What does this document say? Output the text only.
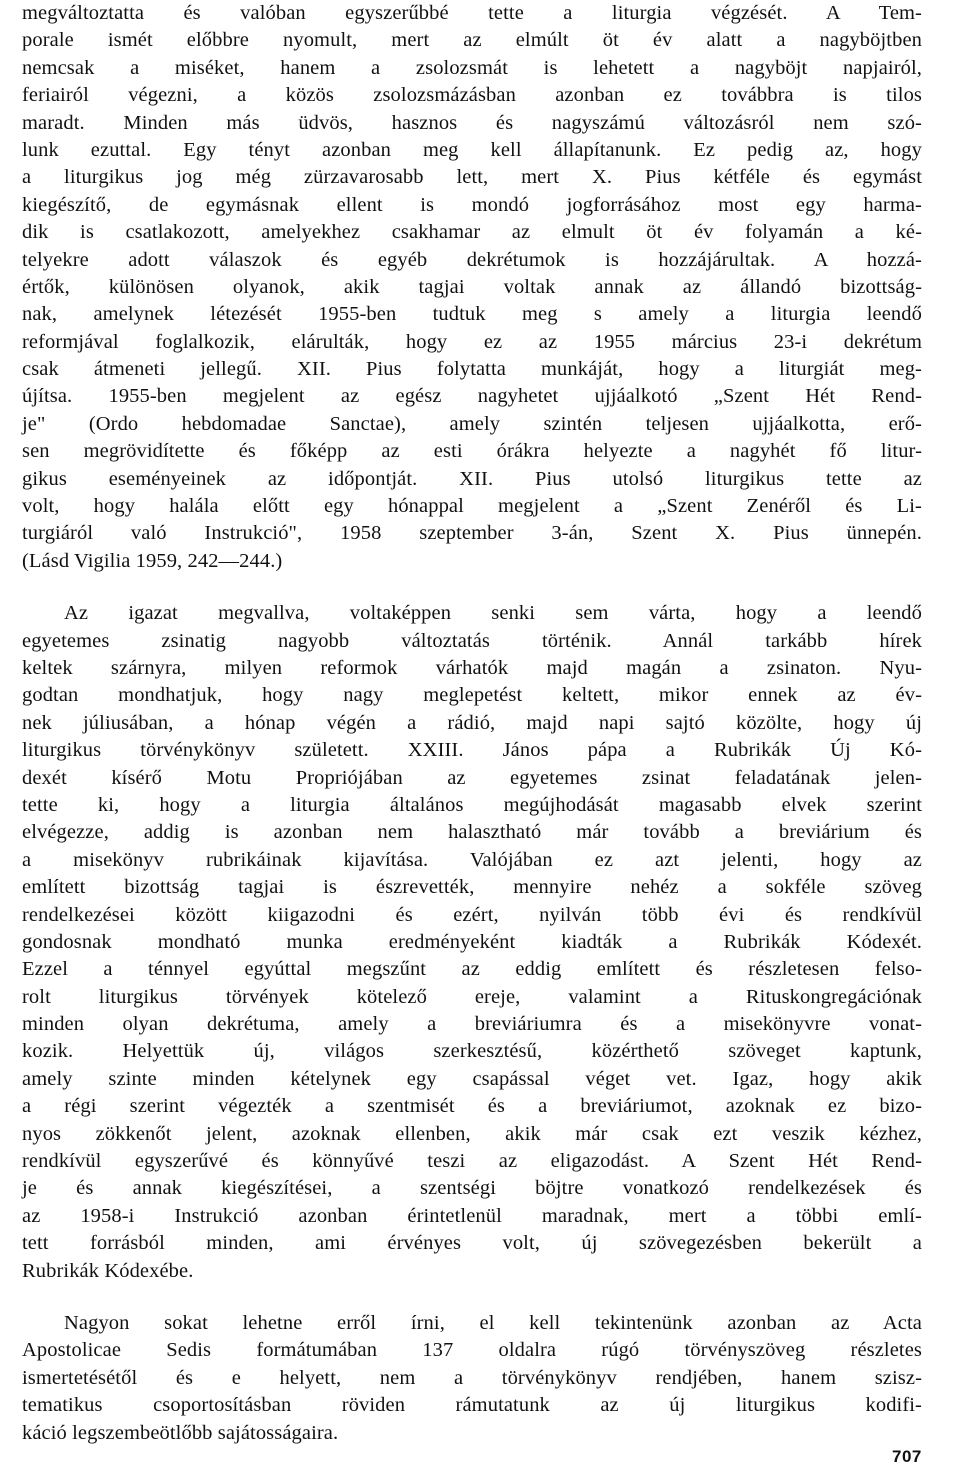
megváltoztatta és valóban egyszerűbbé tette a liturgia végzését. A Tem-
porale ismét előbbre nyomult, mert az elmúlt öt év alatt a nagyböjtben
nemcsak a miséket, hanem a zsolozsmát is lehetett a nagyböjt napjairól,
feriairól végezni, a közös zsolozsmázásban azonban ez továbbra is tilos
maradt. Minden más üdvös, hasznos és nagyszámú változásról nem szó-
lunk ezuttal. Egy tényt azonban meg kell állapítanunk. Ez pedig az, hogy
a liturgikus jog még zürzavarosabb lett, mert X. Pius kétféle és egymást
kiegészítő, de egymásnak ellent is mondó jogforrásához most egy harma-
dik is csatlakozott, amelyekhez csakhamar az elmult öt év folyamán a ké-
telyekre adott válaszok és egyéb dekrétumok is hozzájárultak. A hozzá-
értők, különösen olyanok, akik tagjai voltak annak az állandó bizottság-
nak, amelynek létezését 1955-ben tudtuk meg s amely a liturgia leendő
reformjával foglalkozik, elárulták, hogy ez az 1955 március 23-i dekrétum
csak átmeneti jellegű. XII. Pius folytatta munkáját, hogy a liturgiát meg-
újítsa. 1955-ben megjelent az egész nagyhetet ujjáalkotó „Szent Hét Rend-
je" (Ordo hebdomadae Sanctae), amely szintén teljesen ujjáalkotta, erő-
sen megrövidítette és főképp az esti órákra helyezte a nagyhét fő litur-
gikus eseményeinek az időpontját. XII. Pius utolsó liturgikus tette az
volt, hogy halála előtt egy hónappal megjelent a „Szent Zenéről és Li-
turgiáról való Instrukció", 1958 szeptember 3-án, Szent X. Pius ünnepén.
(Lásd Vigilia 1959, 242—244.)

Az igazat megvallva, voltaképpen senki sem várta, hogy a leendő
egyetemes zsinatig nagyobb változtatás történik. Annál tarkább hírek
keltek szárnyra, milyen reformok várhatók majd magán a zsinaton. Nyu-
godtan mondhatjuk, hogy nagy meglepetést keltett, mikor ennek az év-
nek júliusában, a hónap végén a rádió, majd napi sajtó közölte, hogy új
liturgikus törvénykönyv született. XXIII. János pápa a Rubrikák Új Kó-
dexét kísérő Motu Propriójában az egyetemes zsinat feladatának jelen-
tette ki, hogy a liturgia általános megújhodását magasabb elvek szerint
elvégezze, addig is azonban nem halasztható már tovább a breviárium és
a misekönyv rubrikáinak kijavítása. Valójában ez azt jelenti, hogy az
említett bizottság tagjai is észrevették, mennyire nehéz a sokféle szöveg
rendelkezései között kiigazodni és ezért, nyilván több évi és rendkívül
gondosnak mondható munka eredményeként kiadták a Rubrikák Kódexét.
Ezzel a ténnyel egyúttal megszűnt az eddig említett és részletesen felso-
rolt liturgikus törvények kötelező ereje, valamint a Rituskongregációnak
minden olyan dekrétuma, amely a breviáriumra és a misekönyvre vonat-
kozik. Helyettük új, világos szerkesztésű, közérthető szöveget kaptunk,
amely szinte minden kételynek egy csapással véget vet. Igaz, hogy akik
a régi szerint végezték a szentmisét és a breviáriumot, azoknak ez bizo-
nyos zökkenőt jelent, azoknak ellenben, akik már csak ezt veszik kézhez,
rendkívül egyszerűvé és könnyűvé teszi az eligazodást. A Szent Hét Rend-
je és annak kiegészítései, a szentségi böjtre vonatkozó rendelkezések és
az 1958-i Instrukció azonban érintetlenül maradnak, mert a többi emlí-
tett forrásból minden, ami érvényes volt, új szövegezésben bekerült a
Rubrikák Kódexébe.

Nagyon sokat lehetne erről írni, el kell tekintenünk azonban az Acta
Apostolicae Sedis formátumában 137 oldalra rúgó törvényszöveg részletes
ismertetésétől és e helyett, nem a törvénykönyv rendjében, hanem szisz-
tematikus csoportosításban röviden rámutatunk az új liturgikus kodifi-
káció legszembeötlőbb sajátosságaira.

707
